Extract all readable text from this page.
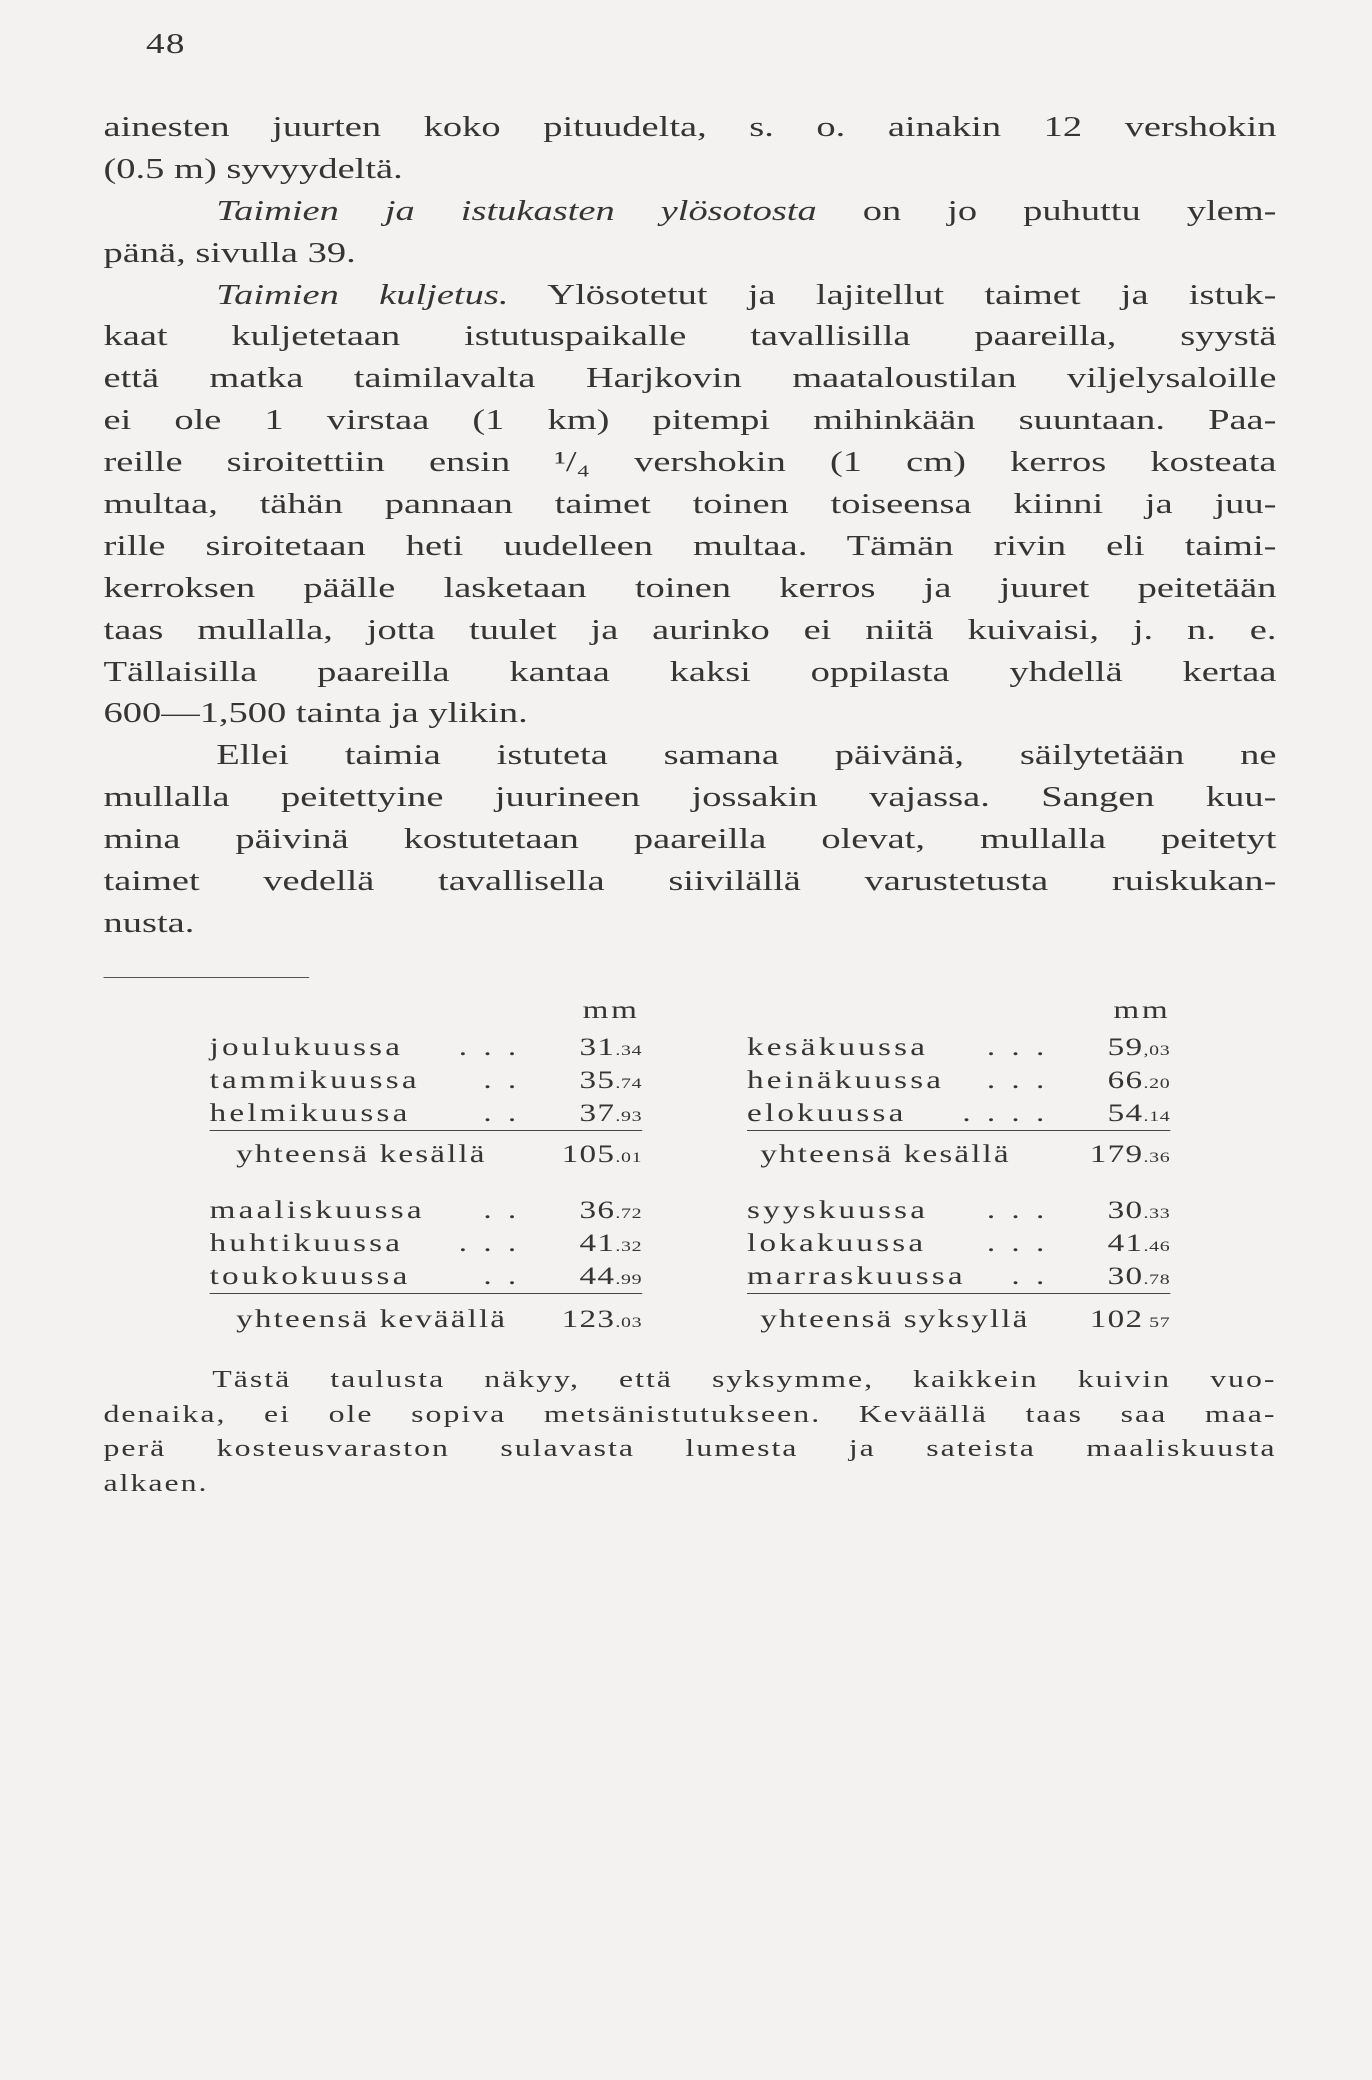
48
ainesten juurten koko pituudelta, s. o. ainakin 12 vershokin
(0.5 m) syvyydeltä.
Taimien ja istukasten ylösotosta on jo puhuttu ylem-
pänä, sivulla 39.
Taimien kuljetus. Ylösotetut ja lajitellut taimet ja istuk-
kaat kuljetetaan istutuspaikalle tavallisilla paareilla, syystä
että matka taimilavalta Harjkovin maataloustilan viljelysaloille
ei ole 1 virstaa (1 km) pitempi mihinkään suuntaan. Paa-
reille siroitettiin ensin ¹/₄ vershokin (1 cm) kerros kosteata
multaa, tähän pannaan taimet toinen toiseensa kiinni ja juu-
rille siroitetaan heti uudelleen multaa. Tämän rivin eli taimi-
kerroksen päälle lasketaan toinen kerros ja juuret peitetään
taas mullalla, jotta tuulet ja aurinko ei niitä kuivaisi, j. n. e.
Tällaisilla paareilla kantaa kaksi oppilasta yhdellä kertaa
600—1,500 tainta ja ylikin.
Ellei taimia istuteta samana päivänä, säilytetään ne
mullalla peitettyine juurineen jossakin vajassa. Sangen kuu-
mina päivinä kostutetaan paareilla olevat, mullalla peitetyt
taimet vedellä tavallisella siivilällä varustetusta ruiskukan-
nusta.
mm	mm
joulukuussa	. . .	31.34
tammikuussa	. .	35.74
helmikuussa	. .	37.93
yhteensä kesällä	105.01
kesäkuussa	. . .	59,03
heinäkuussa	. . .	66.20
elokuussa	. . . .	54.14
yhteensä kesällä	179.36
maaliskuussa	. .	36.72
huhtikuussa	. . .	41.32
toukokuussa	. .	44.99
yhteensä keväällä	123.03
syyskuussa	. . .	30.33
lokakuussa	. . .	41.46
marraskuussa	. .	30.78
yhteensä syksyllä	102 57
Tästä taulusta näkyy, että syksymme, kaikkein kuivin vuo-
denaika, ei ole sopiva metsänistutukseen. Keväällä taas saa maa-
perä kosteusvaraston sulavasta lumesta ja sateista maaliskuusta
alkaen.
